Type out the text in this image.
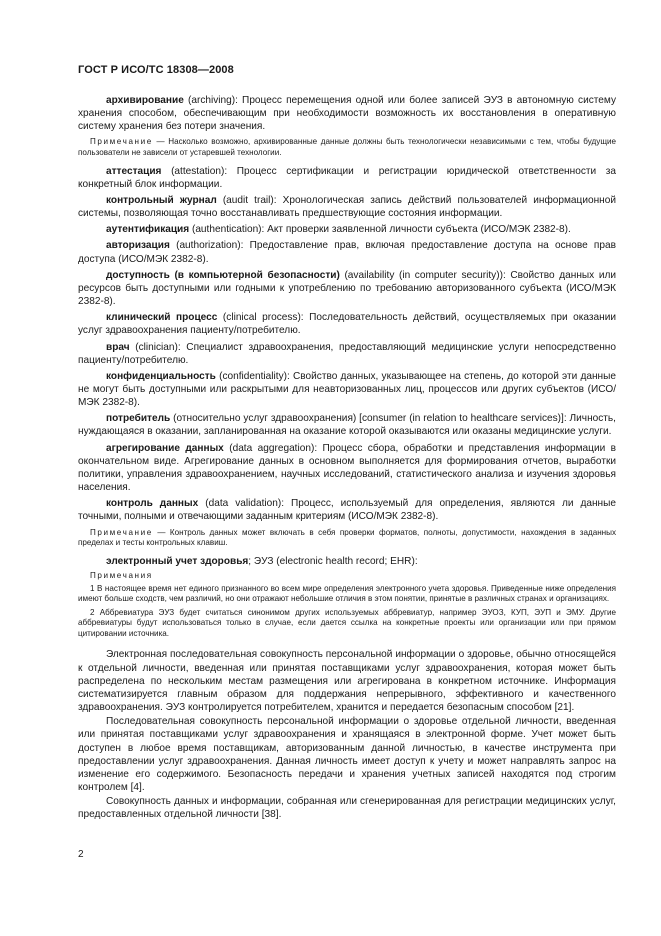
ГОСТ Р ИСО/ТС 18308—2008

архивирование (archiving): Процесс перемещения одной или более записей ЭУЗ в автономную систему хранения способом, обеспечивающим при необходимости возможность их восстановления в оперативную систему хранения без потери значения.

Примечание — Насколько возможно, архивированные данные должны быть технологически независимыми с тем, чтобы будущие пользователи не зависели от устаревшей технологии.

аттестация (attestation): Процесс сертификации и регистрации юридической ответственности за конкретный блок информации.

контрольный журнал (audit trail): Хронологическая запись действий пользователей информационной системы, позволяющая точно восстанавливать предшествующие состояния информации.

аутентификация (authentication): Акт проверки заявленной личности субъекта (ИСО/МЭК 2382-8).

авторизация (authorization): Предоставление прав, включая предоставление доступа на основе прав доступа (ИСО/МЭК 2382-8).

доступность (в компьютерной безопасности) (availability (in computer security)): Свойство данных или ресурсов быть доступными или годными к употреблению по требованию авторизованного субъекта (ИСО/МЭК 2382-8).

клинический процесс (clinical process): Последовательность действий, осуществляемых при оказании услуг здравоохранения пациенту/потребителю.

врач (clinician): Специалист здравоохранения, предоставляющий медицинские услуги непосредственно пациенту/потребителю.

конфиденциальность (confidentiality): Свойство данных, указывающее на степень, до которой эти данные не могут быть доступными или раскрытыми для неавторизованных лиц, процессов или других субъектов (ИСО/МЭК 2382-8).

потребитель (относительно услуг здравоохранения) [consumer (in relation to healthcare services)]: Личность, нуждающаяся в оказании, запланированная на оказание которой оказываются или оказаны медицинские услуги.

агрегирование данных (data aggregation): Процесс сбора, обработки и представления информации в окончательном виде. Агрегирование данных в основном выполняется для формирования отчетов, выработки политики, управления здравоохранением, научных исследований, статистического анализа и изучения здоровья населения.

контроль данных (data validation): Процесс, используемый для определения, являются ли данные точными, полными и отвечающими заданным критериям (ИСО/МЭК 2382-8).

Примечание — Контроль данных может включать в себя проверки форматов, полноты, допустимости, нахождения в заданных пределах и тесты контрольных клавиш.

электронный учет здоровья; ЭУЗ (electronic health record; EHR):

Примечания

1 В настоящее время нет единого признанного во всем мире определения электронного учета здоровья. Приведенные ниже определения имеют больше сходств, чем различий, но они отражают небольшие отличия в этом понятии, принятые в различных странах и организациях.

2 Аббревиатура ЭУЗ будет считаться синонимом других используемых аббревиатур, например ЭУОЗ, КУП, ЭУП и ЭМУ. Другие аббревиатуры будут использоваться только в случае, если дается ссылка на конкретные проекты или организации или при прямом цитировании источника.

Электронная последовательная совокупность персональной информации о здоровье, обычно относящейся к отдельной личности, введенная или принятая поставщиками услуг здравоохранения, которая может быть распределена по нескольким местам размещения или агрегирована в конкретном источнике. Информация систематизируется главным образом для поддержания непрерывного, эффективного и качественного здравоохранения. ЭУЗ контролируется потребителем, хранится и передается безопасным способом [21].

Последовательная совокупность персональной информации о здоровье отдельной личности, введенная или принятая поставщиками услуг здравоохранения и хранящаяся в электронной форме. Учет может быть доступен в любое время поставщикам, авторизованным данной личностью, в качестве инструмента при предоставлении услуг здравоохранения. Данная личность имеет доступ к учету и может направлять запрос на изменение его содержимого. Безопасность передачи и хранения учетных записей находятся под строгим контролем [4].

Совокупность данных и информации, собранная или сгенерированная для регистрации медицинских услуг, предоставленных отдельной личности [38].

2
